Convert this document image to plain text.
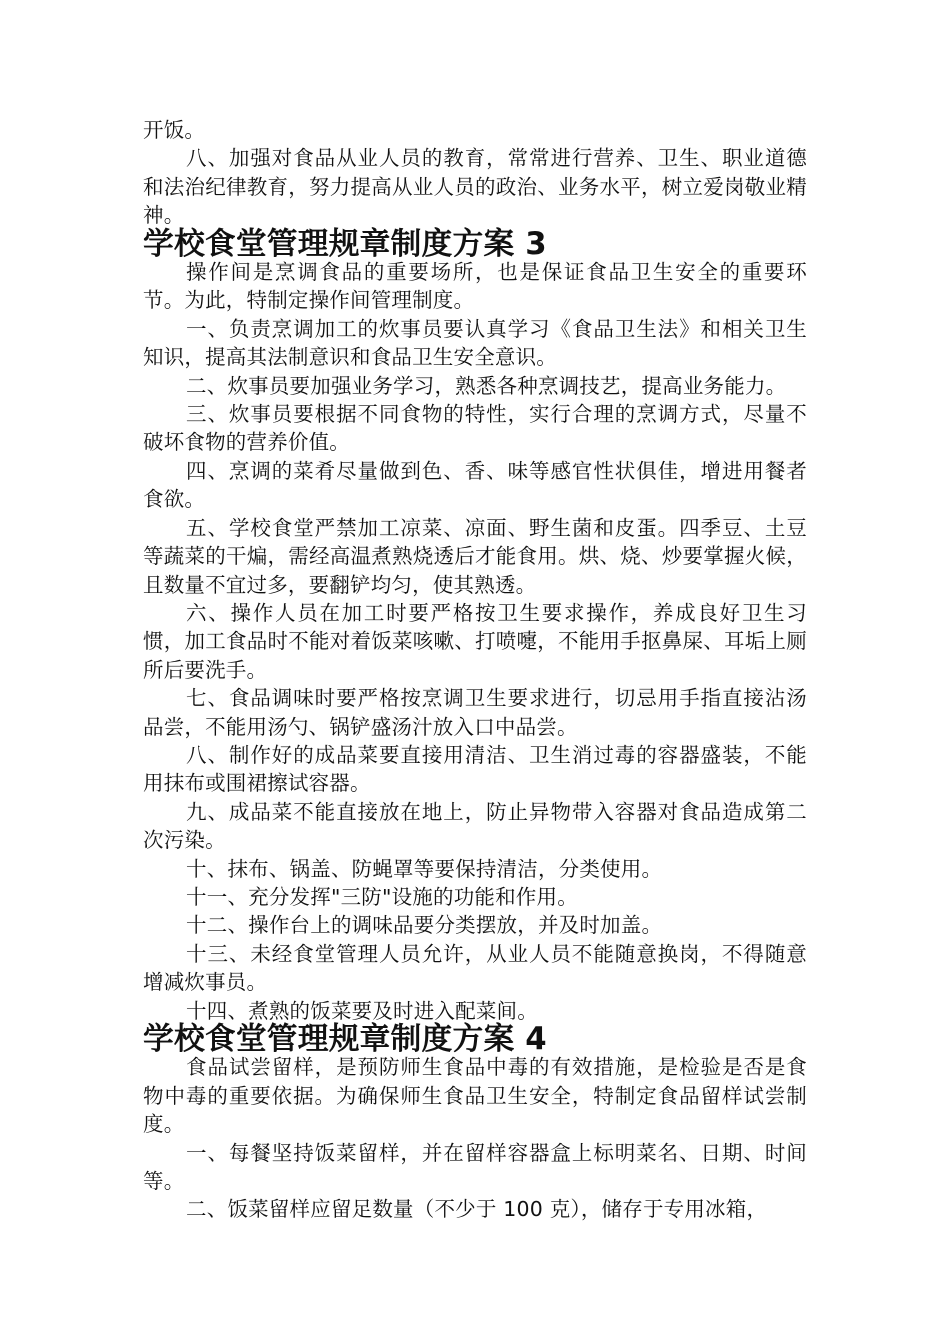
开饭。

八、加强对食品从业人员的教育，常常进行营养、卫生、职业道德和法治纪律教育，努力提高从业人员的政治、业务水平，树立爱岗敬业精神。

学校食堂管理规章制度方案 3

操作间是烹调食品的重要场所，也是保证食品卫生安全的重要环节。为此，特制定操作间管理制度。

一、负责烹调加工的炊事员要认真学习《食品卫生法》和相关卫生知识，提高其法制意识和食品卫生安全意识。

二、炊事员要加强业务学习，熟悉各种烹调技艺，提高业务能力。

三、炊事员要根据不同食物的特性，实行合理的烹调方式，尽量不破坏食物的营养价值。

四、烹调的菜肴尽量做到色、香、味等感官性状俱佳，增进用餐者食欲。

五、学校食堂严禁加工凉菜、凉面、野生菌和皮蛋。四季豆、土豆等蔬菜的干煸，需经高温煮熟烧透后才能食用。烘、烧、炒要掌握火候，且数量不宜过多，要翻铲均匀，使其熟透。

六、操作人员在加工时要严格按卫生要求操作，养成良好卫生习惯，加工食品时不能对着饭菜咳嗽、打喷嚏，不能用手抠鼻屎、耳垢上厕所后要洗手。

七、食品调味时要严格按烹调卫生要求进行，切忌用手指直接沾汤品尝，不能用汤勺、锅铲盛汤汁放入口中品尝。

八、制作好的成品菜要直接用清洁、卫生消过毒的容器盛装，不能用抹布或围裙擦试容器。

九、成品菜不能直接放在地上，防止异物带入容器对食品造成第二次污染。

十、抹布、锅盖、防蝇罩等要保持清洁，分类使用。

十一、充分发挥"三防"设施的功能和作用。

十二、操作台上的调味品要分类摆放，并及时加盖。

十三、未经食堂管理人员允许，从业人员不能随意换岗，不得随意增减炊事员。

十四、煮熟的饭菜要及时进入配菜间。

学校食堂管理规章制度方案 4

食品试尝留样，是预防师生食品中毒的有效措施，是检验是否是食物中毒的重要依据。为确保师生食品卫生安全，特制定食品留样试尝制度。

一、每餐坚持饭菜留样，并在留样容器盒上标明菜名、日期、时间等。

二、饭菜留样应留足数量（不少于 100 克），储存于专用冰箱，
